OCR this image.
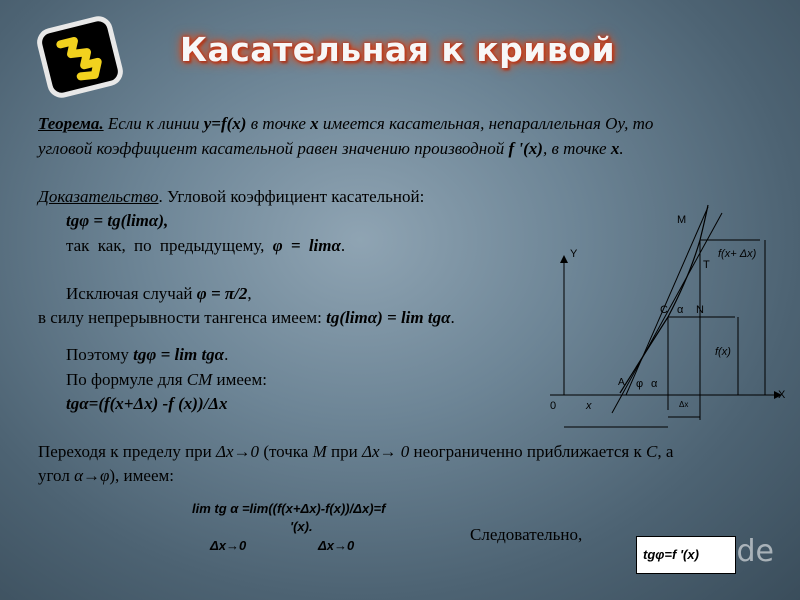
Касательная к кривой
Теорема. Если к линии y=f(x) в точке x имеется касательная, непараллельная Оу, то
угловой коэффициент касательной равен значению производной f '(x), в точке x.
Доказательство. Угловой коэффициент касательной:
tgφ = tg(limα),
так как, по предыдущему, φ = limα.
Исключая случай φ = π/2,
в силу непрерывности тангенса имеем: tg(limα) = lim tgα.
Поэтому tgφ = lim tgα.
По формуле для СМ имеем:
tgα=(f(x+Δx) -f (x))/Δx
Переходя к пределу при Δx→0 (точка M при Δx→ 0 неограниченно приближается к C, а
угол α→φ), имеем:
lim tg α =lim((f(x+Δx)-f(x))/Δx)=f
'(x).
Δx→0	Δx→0
Следовательно,
tgφ=f '(x) Slide
M
Y
T
f(x+ Δx)
C α N
f(x)
A φ α
X
0	x	Δx
